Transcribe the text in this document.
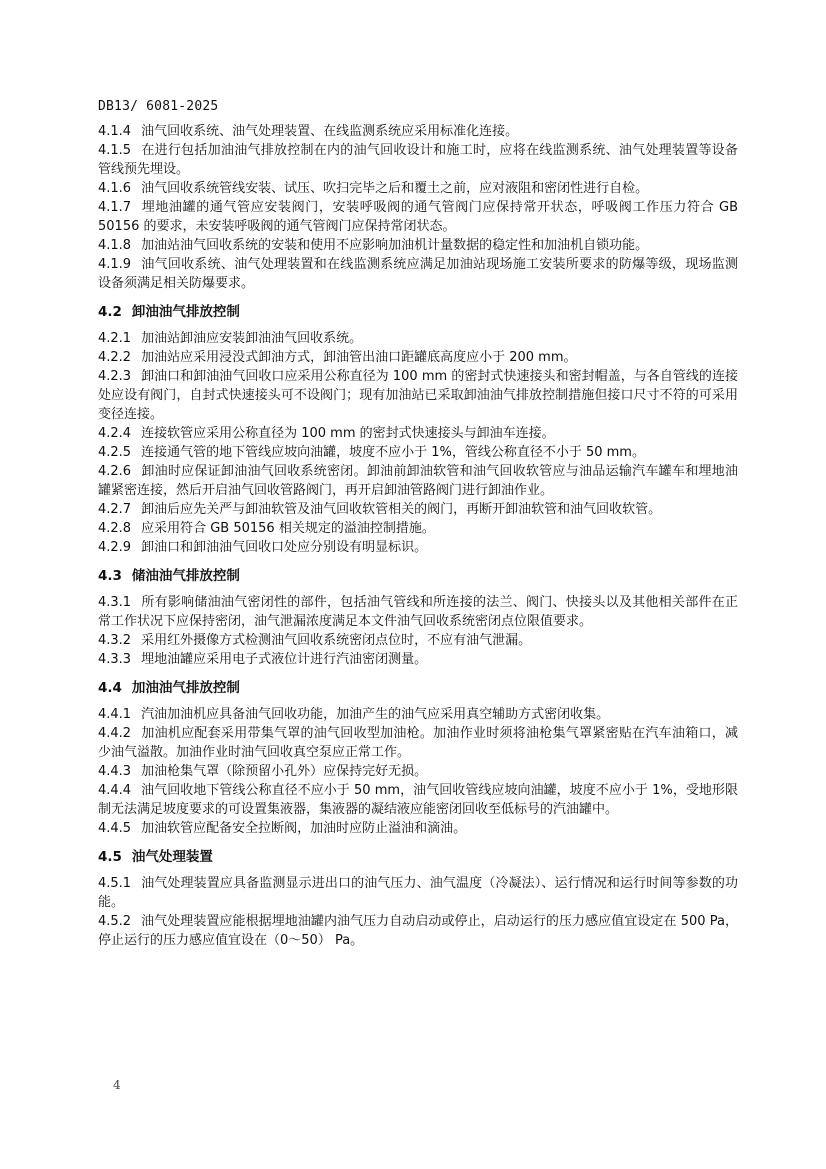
DB13/ 6081-2025
4.1.4 油气回收系统、油气处理装置、在线监测系统应采用标准化连接。
4.1.5 在进行包括加油油气排放控制在内的油气回收设计和施工时，应将在线监测系统、油气处理装置等设备管线预先埋设。
4.1.6 油气回收系统管线安装、试压、吹扫完毕之后和覆土之前，应对液阻和密闭性进行自检。
4.1.7 埋地油罐的通气管应安装阀门，安装呼吸阀的通气管阀门应保持常开状态，呼吸阀工作压力符合 GB 50156 的要求，未安装呼吸阀的通气管阀门应保持常闭状态。
4.1.8 加油站油气回收系统的安装和使用不应影响加油机计量数据的稳定性和加油机自锁功能。
4.1.9 油气回收系统、油气处理装置和在线监测系统应满足加油站现场施工安装所要求的防爆等级，现场监测设备须满足相关防爆要求。
4.2 卸油油气排放控制
4.2.1 加油站卸油应安装卸油油气回收系统。
4.2.2 加油站应采用浸没式卸油方式，卸油管出油口距罐底高度应小于 200 mm。
4.2.3 卸油口和卸油油气回收口应采用公称直径为 100 mm 的密封式快速接头和密封帽盖，与各自管线的连接处应设有阀门，自封式快速接头可不设阀门；现有加油站已采取卸油油气排放控制措施但接口尺寸不符的可采用变径连接。
4.2.4 连接软管应采用公称直径为 100 mm 的密封式快速接头与卸油车连接。
4.2.5 连接通气管的地下管线应坡向油罐，坡度不应小于 1%，管线公称直径不小于 50 mm。
4.2.6 卸油时应保证卸油油气回收系统密闭。卸油前卸油软管和油气回收软管应与油品运输汽车罐车和埋地油罐紧密连接，然后开启油气回收管路阀门，再开启卸油管路阀门进行卸油作业。
4.2.7 卸油后应先关严与卸油软管及油气回收软管相关的阀门，再断开卸油软管和油气回收软管。
4.2.8 应采用符合 GB 50156 相关规定的溢油控制措施。
4.2.9 卸油口和卸油油气回收口处应分别设有明显标识。
4.3 储油油气排放控制
4.3.1 所有影响储油油气密闭性的部件，包括油气管线和所连接的法兰、阀门、快接头以及其他相关部件在正常工作状况下应保持密闭，油气泄漏浓度满足本文件油气回收系统密闭点位限值要求。
4.3.2 采用红外摄像方式检测油气回收系统密闭点位时，不应有油气泄漏。
4.3.3 埋地油罐应采用电子式液位计进行汽油密闭测量。
4.4 加油油气排放控制
4.4.1 汽油加油机应具备油气回收功能，加油产生的油气应采用真空辅助方式密闭收集。
4.4.2 加油机应配套采用带集气罩的油气回收型加油枪。加油作业时须将油枪集气罩紧密贴在汽车油箱口，减少油气溢散。加油作业时油气回收真空泵应正常工作。
4.4.3 加油枪集气罩（除预留小孔外）应保持完好无损。
4.4.4 油气回收地下管线公称直径不应小于 50 mm，油气回收管线应坡向油罐，坡度不应小于 1%，受地形限制无法满足坡度要求的可设置集液器，集液器的凝结液应能密闭回收至低标号的汽油罐中。
4.4.5 加油软管应配备安全拉断阀，加油时应防止溢油和滴油。
4.5 油气处理装置
4.5.1 油气处理装置应具备监测显示进出口的油气压力、油气温度（冷凝法）、运行情况和运行时间等参数的功能。
4.5.2 油气处理装置应能根据埋地油罐内油气压力自动启动或停止，启动运行的压力感应值宜设定在 500 Pa，停止运行的压力感应值宜设在（0～50） Pa。
4
